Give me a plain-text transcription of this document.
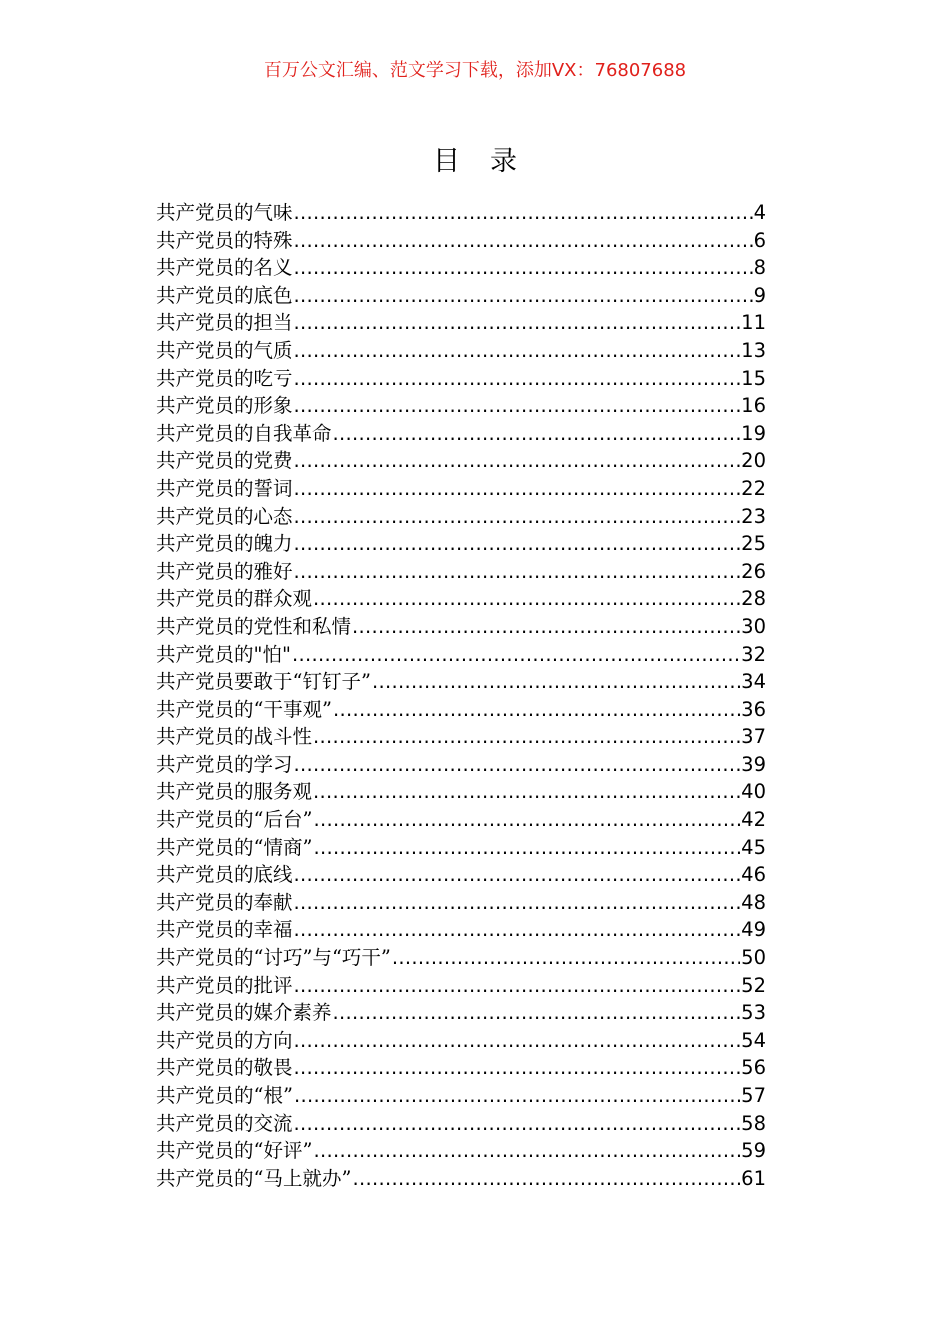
百万公文汇编、范文学习下载，添加VX：76807688
目录
共产党员的气味 .....	4
共产党员的特殊 .....	6
共产党员的名义 .....	8
共产党员的底色 .....	9
共产党员的担当 .....	11
共产党员的气质 .....	13
共产党员的吃亏 .....	15
共产党员的形象 .....	16
共产党员的自我革命 .....	19
共产党员的党费 .....	20
共产党员的誓词 .....	22
共产党员的心态 .....	23
共产党员的魄力 .....	25
共产党员的雅好 .....	26
共产党员的群众观 .....	28
共产党员的党性和私情 .....	30
共产党员的"怕" .....	32
共产党员要敢于“钉钉子” .....	34
共产党员的“干事观” .....	36
共产党员的战斗性 .....	37
共产党员的学习 .....	39
共产党员的服务观 .....	40
共产党员的“后台” .....	42
共产党员的“情商” .....	45
共产党员的底线 .....	46
共产党员的奉献 .....	48
共产党员的幸福 .....	49
共产党员的“讨巧”与“巧干” .....	50
共产党员的批评 .....	52
共产党员的媒介素养 .....	53
共产党员的方向 .....	54
共产党员的敬畏 .....	56
共产党员的“根” .....	57
共产党员的交流 .....	58
共产党员的“好评” .....	59
共产党员的“马上就办” .....	61
